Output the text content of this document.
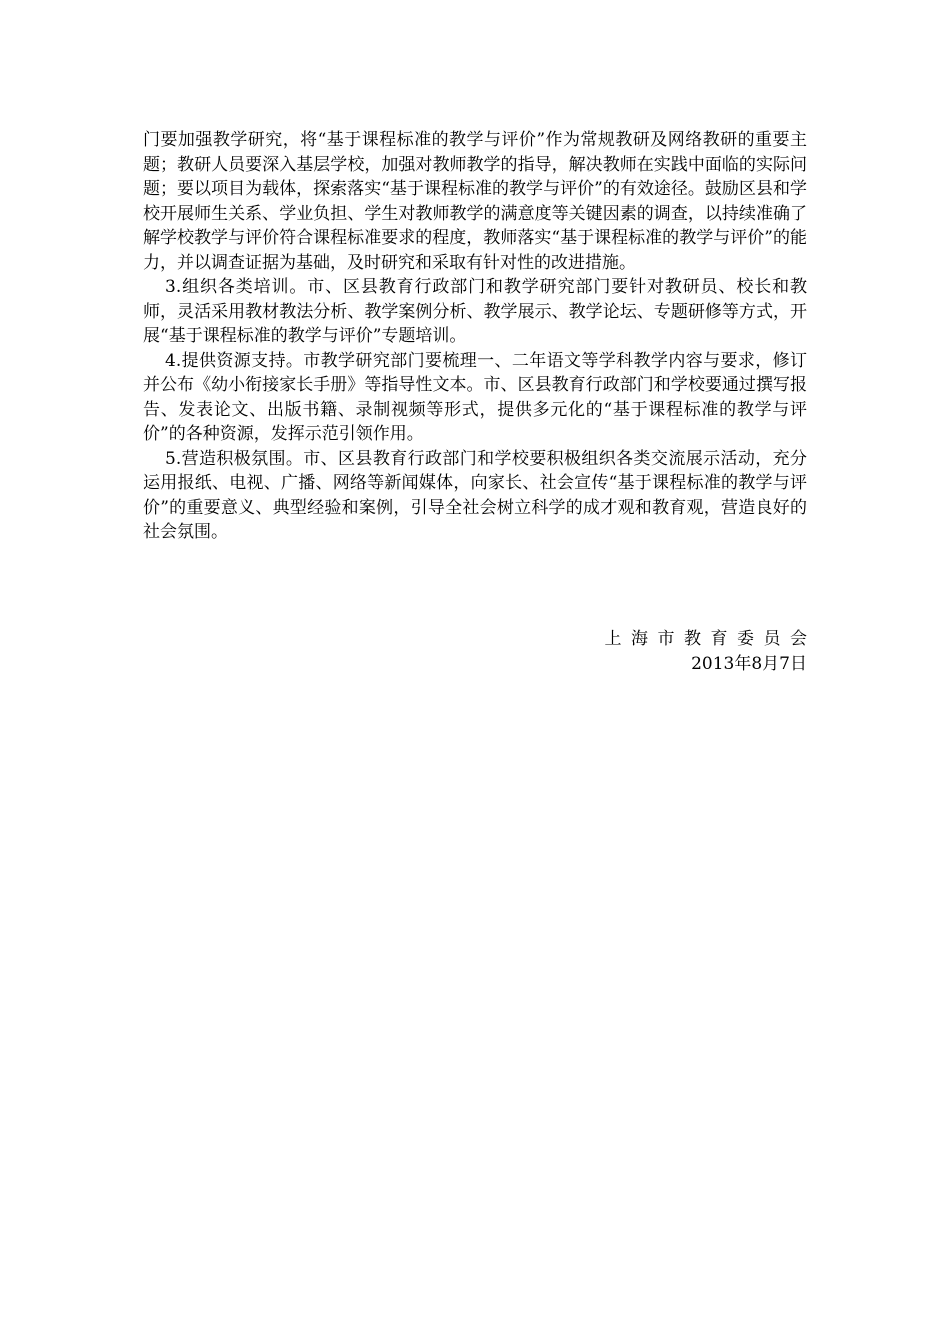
门要加强教学研究，将“基于课程标准的教学与评价”作为常规教研及网络教研的重要主题；教研人员要深入基层学校，加强对教师教学的指导，解决教师在实践中面临的实际问题；要以项目为载体，探索落实“基于课程标准的教学与评价”的有效途径。鼓励区县和学校开展师生关系、学业负担、学生对教师教学的满意度等关键因素的调查，以持续准确了解学校教学与评价符合课程标准要求的程度，教师落实“基于课程标准的教学与评价”的能力，并以调查证据为基础，及时研究和采取有针对性的改进措施。

3.组织各类培训。市、区县教育行政部门和教学研究部门要针对教研员、校长和教师，灵活采用教材教法分析、教学案例分析、教学展示、教学论坛、专题研修等方式，开展“基于课程标准的教学与评价”专题培训。

4.提供资源支持。市教学研究部门要梳理一、二年语文等学科教学内容与要求，修订并公布《幼小衔接家长手册》等指导性文本。市、区县教育行政部门和学校要通过撰写报告、发表论文、出版书籍、录制视频等形式，提供多元化的“基于课程标准的教学与评价”的各种资源，发挥示范引领作用。

5.营造积极氛围。市、区县教育行政部门和学校要积极组织各类交流展示活动，充分运用报纸、电视、广播、网络等新闻媒体，向家长、社会宣传“基于课程标准的教学与评价”的重要意义、典型经验和案例，引导全社会树立科学的成才观和教育观，营造良好的社会氛围。

上海市教育委员会
2013年8月7日
